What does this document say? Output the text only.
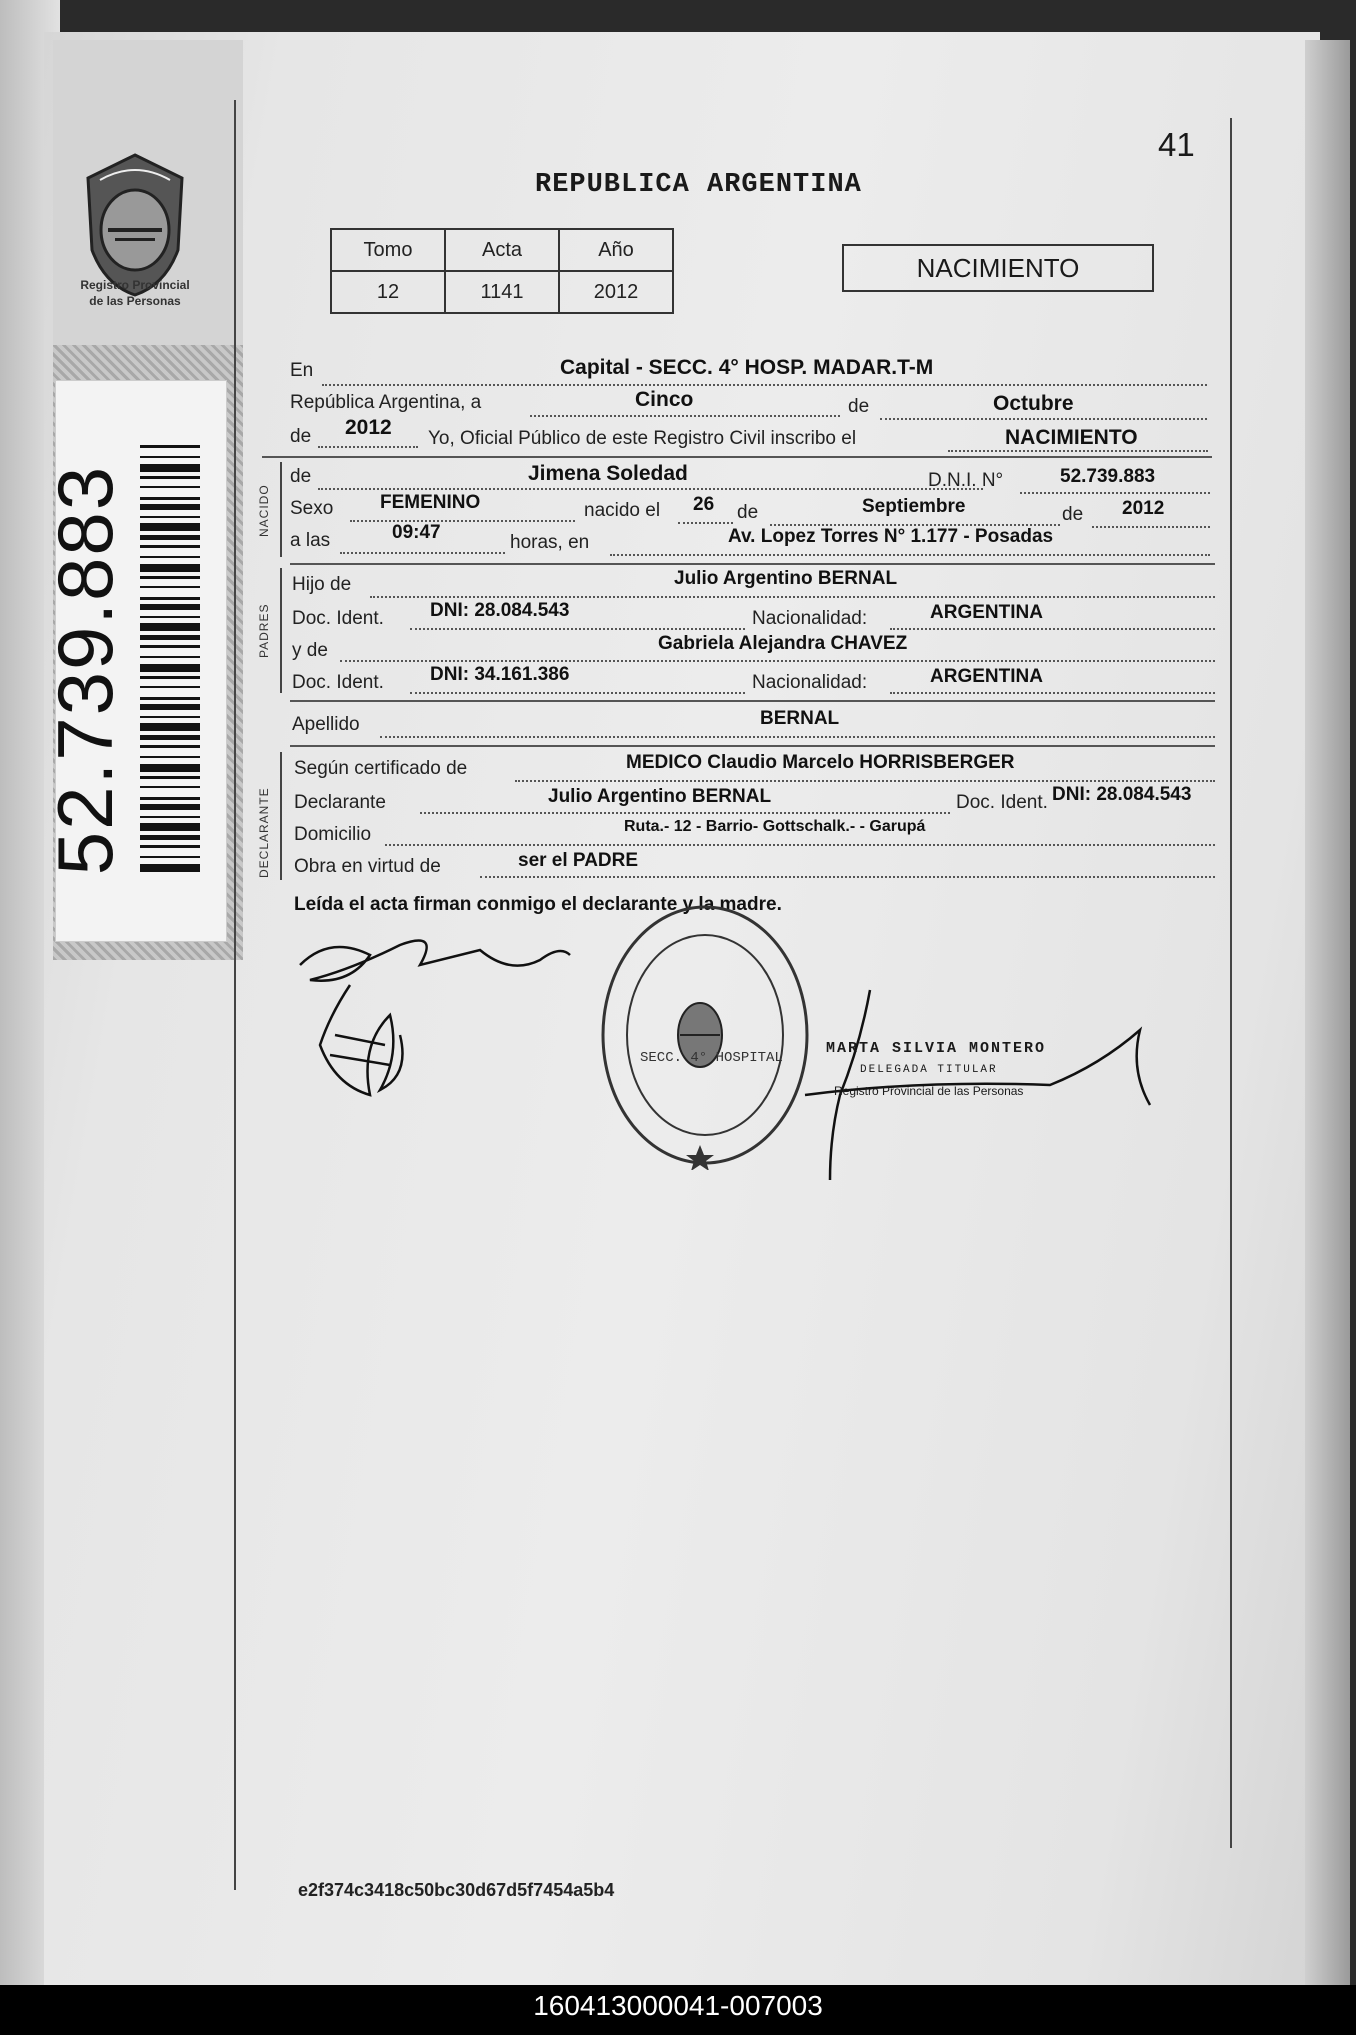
Registro Provincial
de las Personas
52.739.883
41
REPUBLICA ARGENTINA
Tomo	Acta	Año
12	1141	2012
NACIMIENTO
En	Capital - SECC. 4° HOSP. MADAR.T-M
República Argentina, a	Cinco	de	Octubre
de 2012 Yo, Oficial Público de este Registro Civil inscribo el	NACIMIENTO
NACIDO
de	Jimena Soledad	D.N.I. N°	52.739.883
Sexo FEMENINO	nacido el 26 de	Septiembre	de 2012
a las	09:47	horas, en	Av. Lopez Torres N° 1.177 - Posadas
PADRES
Hijo de	Julio Argentino BERNAL
Doc. Ident. DNI: 28.084.543	Nacionalidad:	ARGENTINA
y de	Gabriela Alejandra CHAVEZ
Doc. Ident. DNI: 34.161.386	Nacionalidad:	ARGENTINA
Apellido	BERNAL
DECLARANTE
Según certificado de	MEDICO Claudio Marcelo HORRISBERGER
Declarante	Julio Argentino BERNAL	Doc. Ident. DNI: 28.084.543
Domicilio	Ruta.- 12 - Barrio- Gottschalk.- - Garupá
Obra en virtud de	ser el PADRE
Leída el acta firman conmigo el declarante y la madre.
SECC. 4° HOSPITAL
MARTA SILVIA MONTERO
DELEGADA TITULAR
Registro Provincial de las Personas
e2f374c3418c50bc30d67d5f7454a5b4
160413000041-007003
